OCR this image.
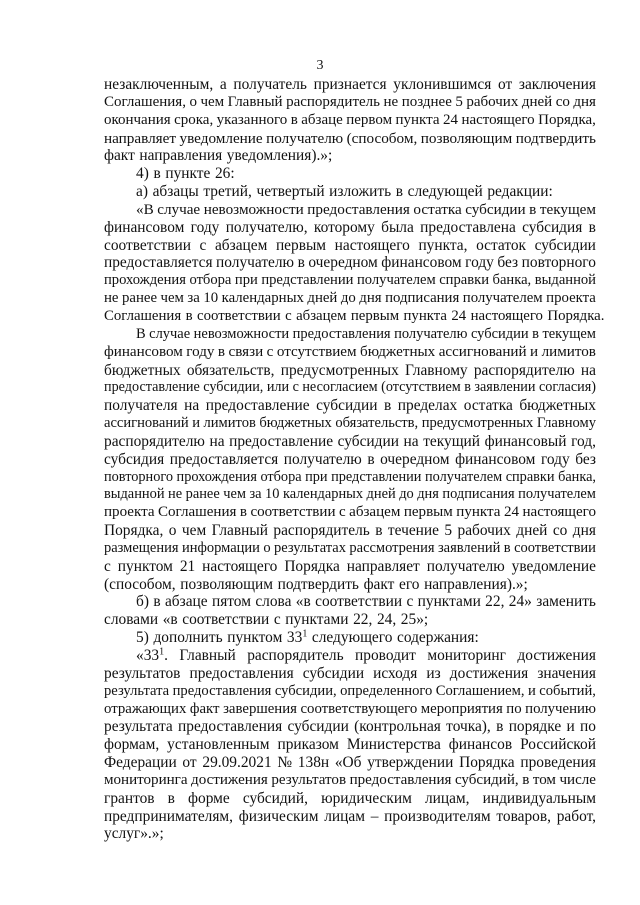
3
незаключенным, а получатель признается уклонившимся от заключения
Соглашения, о чем Главный распорядитель не позднее 5 рабочих дней со дня
окончания срока, указанного в абзаце первом пункта 24 настоящего Порядка,
направляет уведомление получателю (способом, позволяющим подтвердить
факт направления уведомления).»;
4) в пункте 26:
а) абзацы третий, четвертый изложить в следующей редакции:
«В случае невозможности предоставления остатка субсидии в текущем
финансовом году получателю, которому была предоставлена субсидия в
соответствии с абзацем первым настоящего пункта, остаток субсидии
предоставляется получателю в очередном финансовом году без повторного
прохождения отбора при представлении получателем справки банка, выданной
не ранее чем за 10 календарных дней до дня подписания получателем проекта
Соглашения в соответствии с абзацем первым пункта 24 настоящего Порядка.
В случае невозможности предоставления получателю субсидии в текущем
финансовом году в связи с отсутствием бюджетных ассигнований и лимитов
бюджетных обязательств, предусмотренных Главному распорядителю на
предоставление субсидии, или с несогласием (отсутствием в заявлении согласия)
получателя на предоставление субсидии в пределах остатка бюджетных
ассигнований и лимитов бюджетных обязательств, предусмотренных Главному
распорядителю на предоставление субсидии на текущий финансовый год,
субсидия предоставляется получателю в очередном финансовом году без
повторного прохождения отбора при представлении получателем справки банка,
выданной не ранее чем за 10 календарных дней до дня подписания получателем
проекта Соглашения в соответствии с абзацем первым пункта 24 настоящего
Порядка, о чем Главный распорядитель в течение 5 рабочих дней со дня
размещения информации о результатах рассмотрения заявлений в соответствии
с пунктом 21 настоящего Порядка направляет получателю уведомление
(способом, позволяющим подтвердить факт его направления).»;
б) в абзаце пятом слова «в соответствии с пунктами 22, 24» заменить
словами «в соответствии с пунктами 22, 24, 25»;
5) дополнить пунктом $33^1$ следующего содержания:
«$33^1$. Главный распорядитель проводит мониторинг достижения
результатов предоставления субсидии исходя из достижения значения
результата предоставления субсидии, определенного Соглашением, и событий,
отражающих факт завершения соответствующего мероприятия по получению
результата предоставления субсидии (контрольная точка), в порядке и по
формам, установленным приказом Министерства финансов Российской
Федерации от 29.09.2021 № 138н «Об утверждении Порядка проведения
мониторинга достижения результатов предоставления субсидий, в том числе
грантов в форме субсидий, юридическим лицам, индивидуальным
предпринимателям, физическим лицам – производителям товаров, работ,
услуг».»;
